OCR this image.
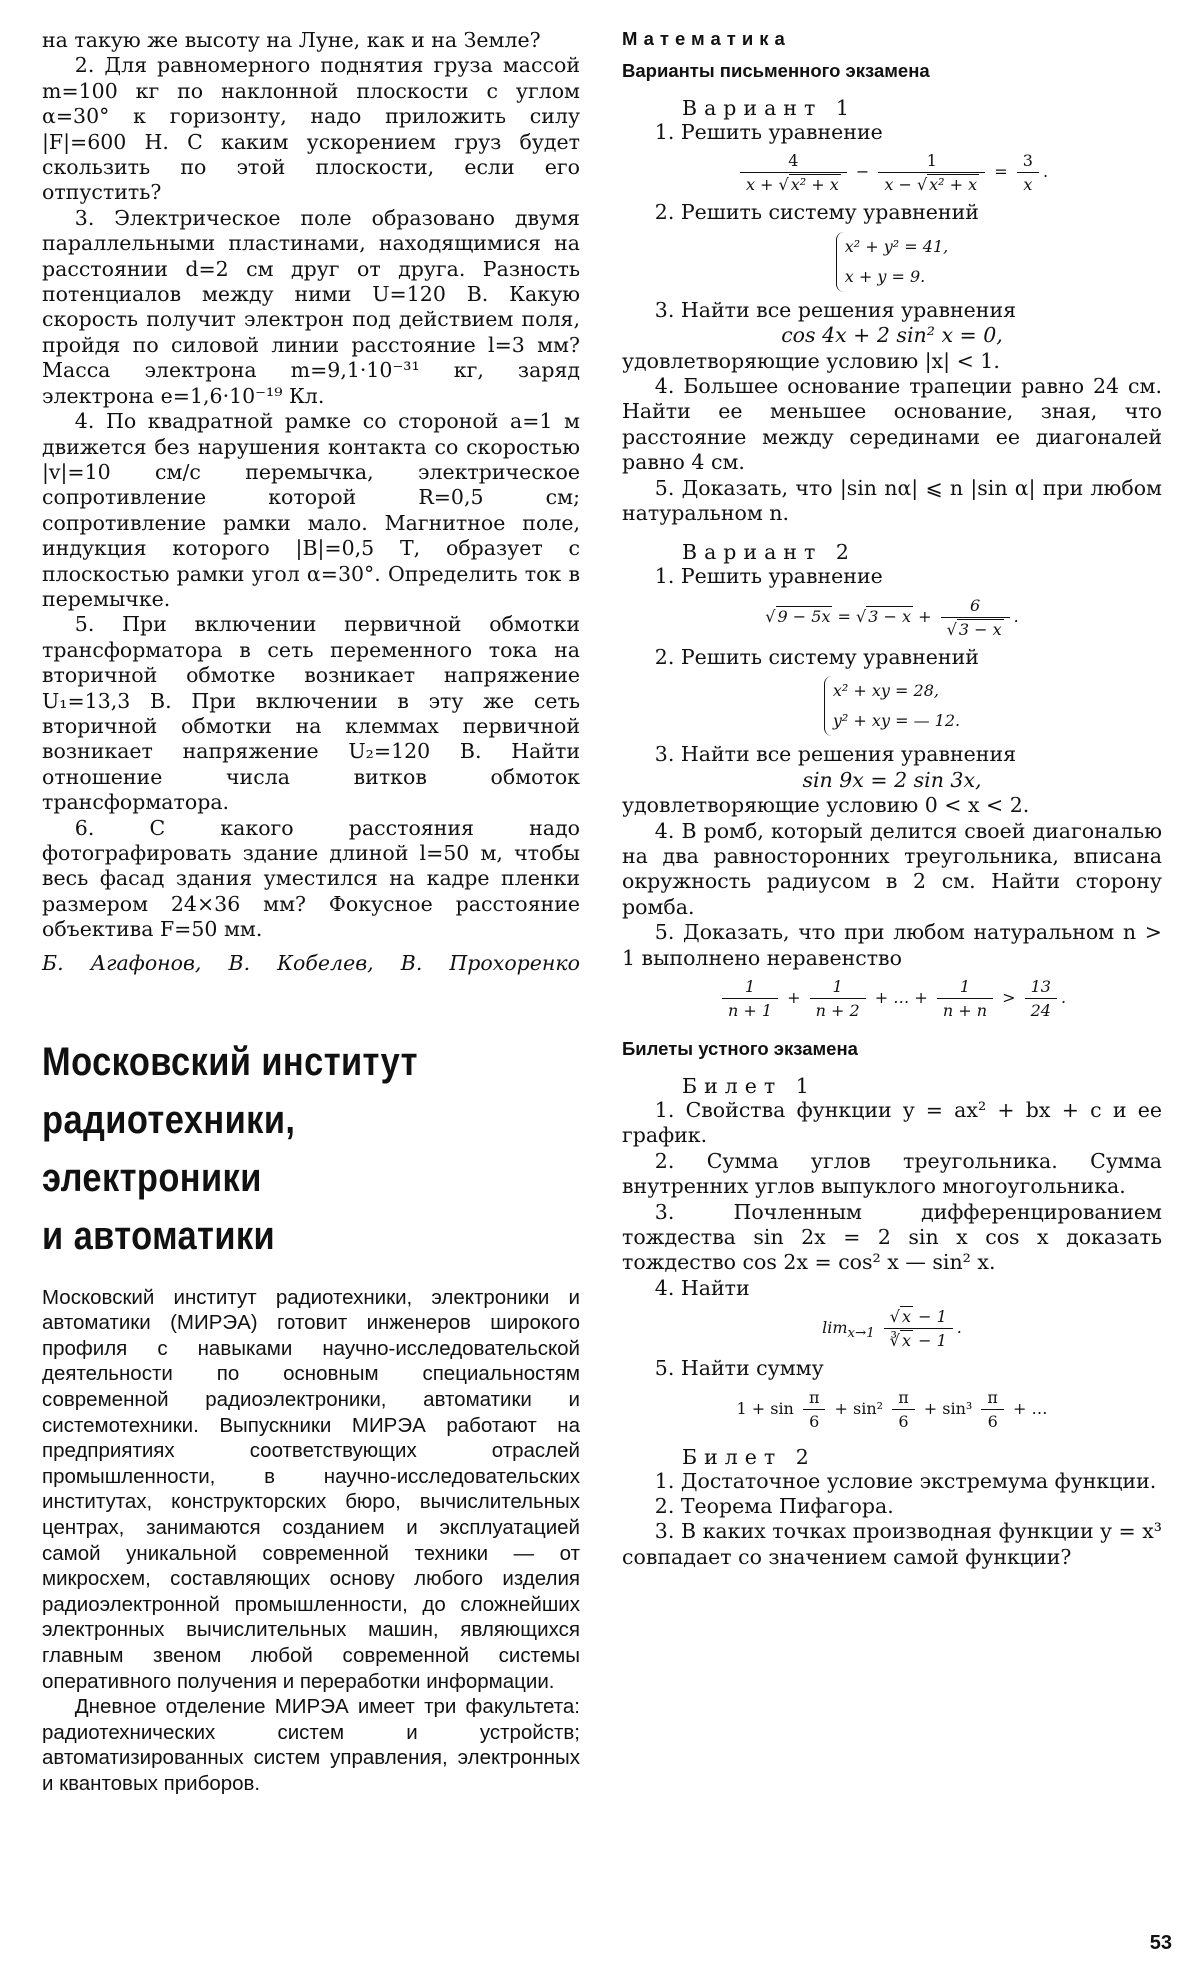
на такую же высоту на Луне, как и на Земле?

2. Для равномерного поднятия груза массой m=100 кг по наклонной плоскости с углом α=30° к горизонту, надо приложить силу |F|=600 Н. С каким ускорением груз будет скользить по этой плоскости, если его отпустить?

3. Электрическое поле образовано двумя параллельными пластинами, находящимися на расстоянии d=2 см друг от друга. Разность потенциалов между ними U=120 В. Какую скорость получит электрон под действием поля, пройдя по силовой линии расстояние l=3 мм? Масса электрона m=9,1·10⁻³¹ кг, заряд электрона e=1,6·10⁻¹⁹ Кл.

4. По квадратной рамке со стороной a=1 м движется без нарушения контакта со скоростью |v|=10 см/с перемычка, электрическое сопротивление которой R=0,5 см; сопротивление рамки мало. Магнитное поле, индукция которого |B|=0,5 Т, образует с плоскостью рамки угол α=30°. Определить ток в перемычке.

5. При включении первичной обмотки трансформатора в сеть переменного тока на вторичной обмотке возникает напряжение U₁=13,3 В. При включении в эту же сеть вторичной обмотки на клеммах первичной возникает напряжение U₂=120 В. Найти отношение числа витков обмоток трансформатора.

6. С какого расстояния надо фотографировать здание длиной l=50 м, чтобы весь фасад здания уместился на кадре пленки размером 24×36 мм? Фокусное расстояние объектива F=50 мм.

Б. Агафонов, В. Кобелев, В. Прохоренко

Московский институт
радиотехники, электроники
и автоматики

Московский институт радиотехники, электроники и автоматики (МИРЭА) готовит инженеров широкого профиля с навыками научно-исследовательской деятельности по основным специальностям современной радиоэлектроники, автоматики и системотехники. Выпускники МИРЭА работают на предприятиях соответствующих отраслей промышленности, в научно-исследовательских институтах, конструкторских бюро, вычислительных центрах, занимаются созданием и эксплуатацией самой уникальной современной техники — от микросхем, составляющих основу любого изделия радиоэлектронной промышленности, до сложнейших электронных вычислительных машин, являющихся главным звеном любой современной системы оперативного получения и переработки информации.

Дневное отделение МИРЭА имеет три факультета: радиотехнических систем и устройств; автоматизированных систем управления, электронных и квантовых приборов.

Математика

Варианты письменного экзамена

Вариант 1

1. Решить уравнение

$\frac{4}{\text{x + √ x² + x}} - \frac{1}{\text{x − √ x² + x}} = \frac{3}{x}$ .

2. Решить систему уравнений

x² + y² = 41,
x + y = 9.

3. Найти все решения уравнения

cos 4x + 2 sin² x = 0,

удовлетворяющие условию |x| < 1.

4. Большее основание трапеции равно 24 см. Найти ее меньшее основание, зная, что расстояние между серединами ее диагоналей равно 4 см.

5. Доказать, что |sin nα| ⩽ n |sin α| при любом натуральном n.

Вариант 2

1. Решить уравнение

√ 9 − 5x = √ $3 - x + \frac{6}{√ 3 - x}$ .

2. Решить систему уравнений

x² + xy = 28,
y² + xy = — 12.

3. Найти все решения уравнения

sin 9x = 2 sin 3x,

удовлетворяющие условию 0 < x < 2.

4. В ромб, который делится своей диагональю на два равносторонних треугольника, вписана окружность радиусом в 2 см. Найти сторону ромба.

5. Доказать, что при любом натуральном n > 1 выполнено неравенство

$\frac{1}{n + 1} + \frac{1}{n + 2}$ + … + $\frac{1}{n + n} > \frac{13}{24}$ .

Билеты устного экзамена

Билет 1

1. Свойства функции y = ax² + bx + c и ее график.

2. Сумма углов треугольника. Сумма внутренних углов выпуклого многоугольника.

3. Почленным дифференцированием тождества sin 2x = 2 sin x cos x доказать тождество cos 2x = cos² x — sin² x.

4. Найти

$\lim_{x\to 1} \frac{√ x - 1}{∛ x - 1}$ .

5. Найти сумму

$1 + \sin \frac{\pi}{6} + \sin^2 \frac{\pi}{6} + \sin^3 \frac{\pi}{6}$ + …

Билет 2

1. Достаточное условие экстремума функции.

2. Теорема Пифагора.

3. В каких точках производная функции y = x³ совпадает со значением самой функции?

53
